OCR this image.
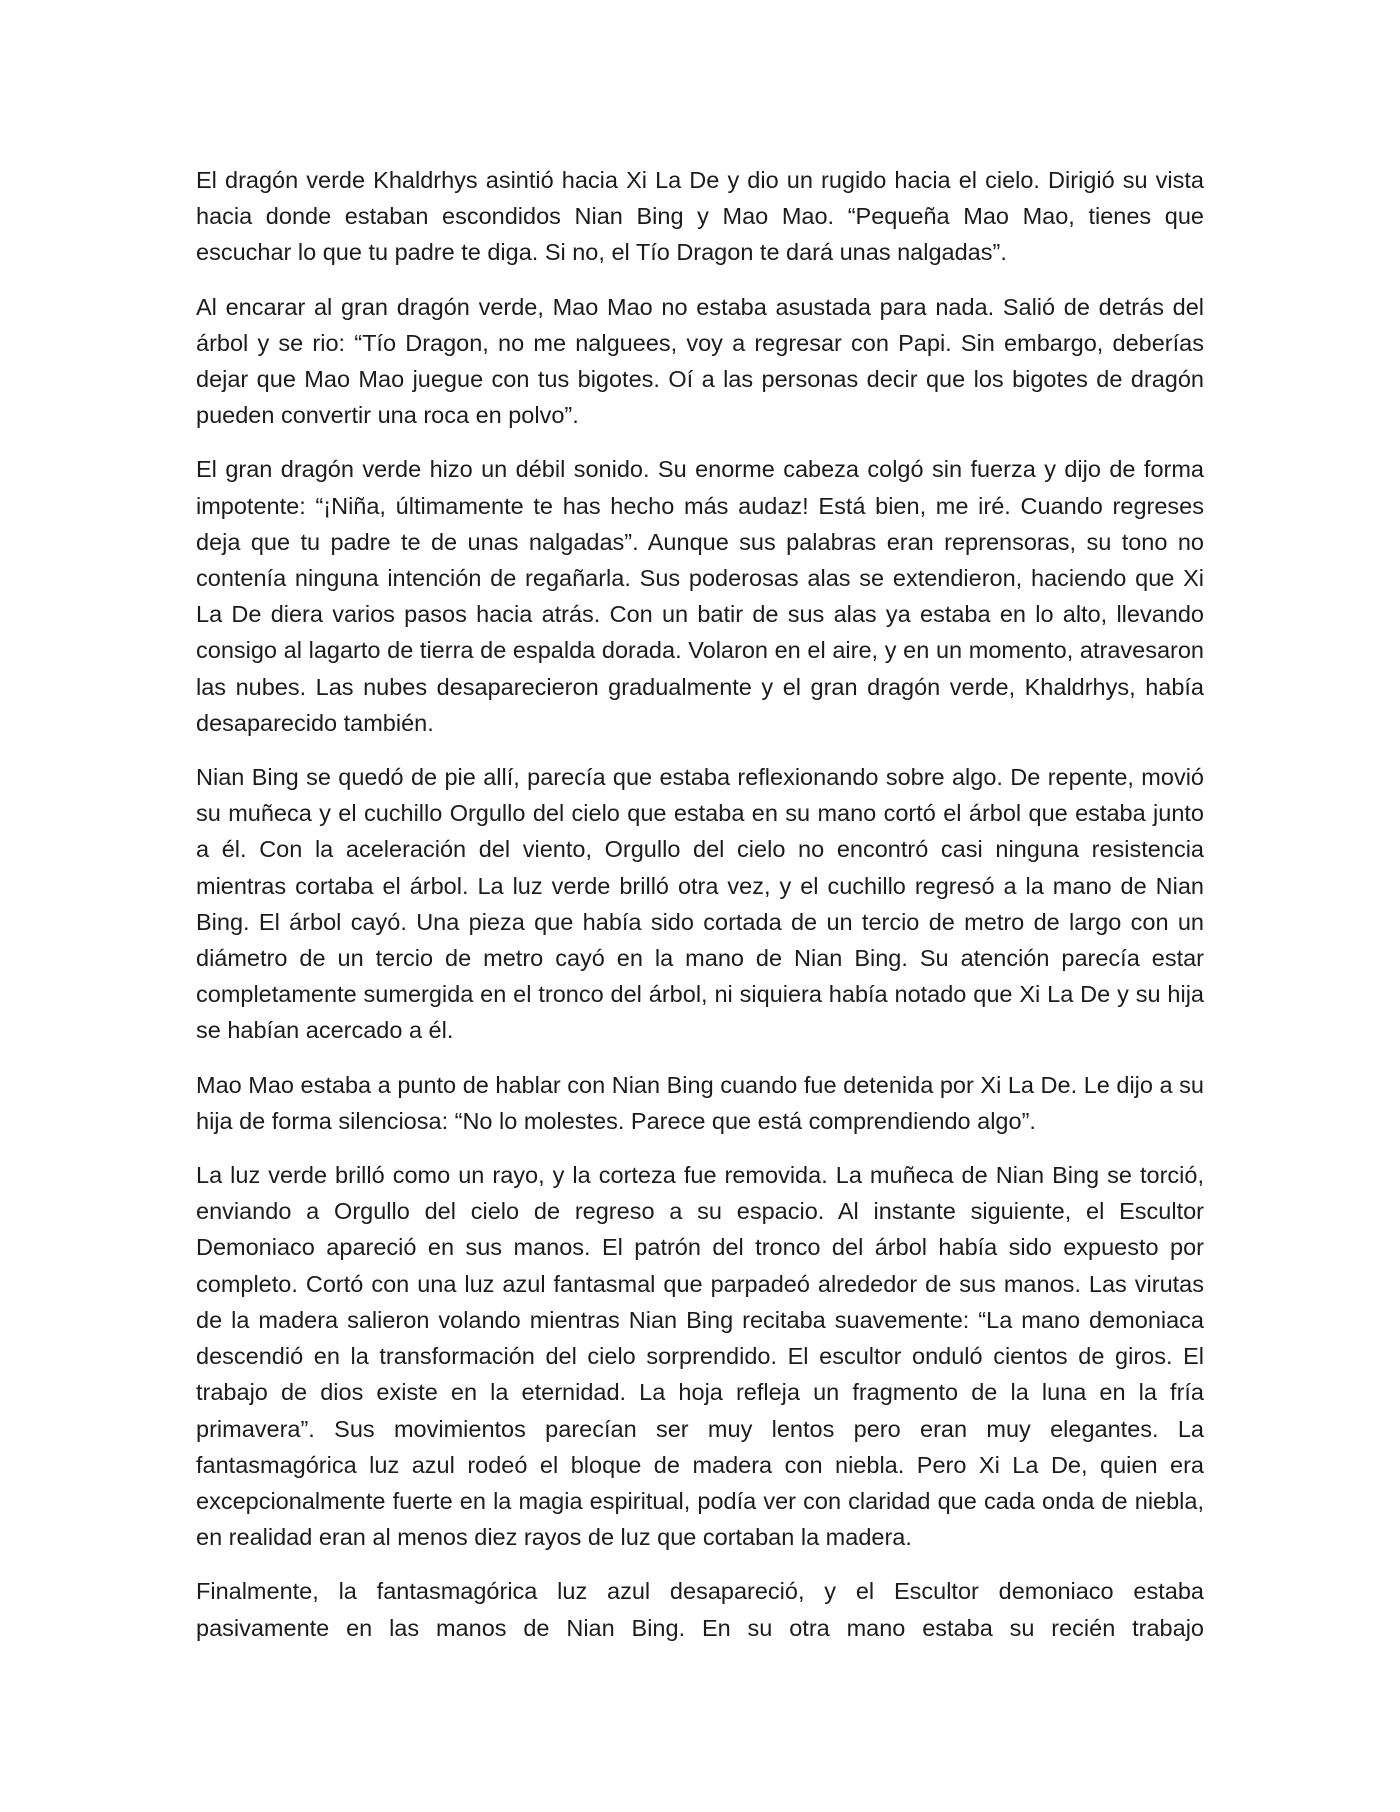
El dragón verde Khaldrhys asintió hacia Xi La De y dio un rugido hacia el cielo. Dirigió su vista hacia donde estaban escondidos Nian Bing y Mao Mao. “Pequeña Mao Mao, tienes que escuchar lo que tu padre te diga. Si no, el Tío Dragon te dará unas nalgadas”.

Al encarar al gran dragón verde, Mao Mao no estaba asustada para nada. Salió de detrás del árbol y se rio: “Tío Dragon, no me nalguees, voy a regresar con Papi. Sin embargo, deberías dejar que Mao Mao juegue con tus bigotes. Oí a las personas decir que los bigotes de dragón pueden convertir una roca en polvo”.

El gran dragón verde hizo un débil sonido. Su enorme cabeza colgó sin fuerza y dijo de forma impotente: “¡Niña, últimamente te has hecho más audaz! Está bien, me iré. Cuando regreses deja que tu padre te de unas nalgadas”. Aunque sus palabras eran reprensoras, su tono no contenía ninguna intención de regañarla. Sus poderosas alas se extendieron, haciendo que Xi La De diera varios pasos hacia atrás. Con un batir de sus alas ya estaba en lo alto, llevando consigo al lagarto de tierra de espalda dorada. Volaron en el aire, y en un momento, atravesaron las nubes. Las nubes desaparecieron gradualmente y el gran dragón verde, Khaldrhys, había desaparecido también.

Nian Bing se quedó de pie allí, parecía que estaba reflexionando sobre algo. De repente, movió su muñeca y el cuchillo Orgullo del cielo que estaba en su mano cortó el árbol que estaba junto a él. Con la aceleración del viento, Orgullo del cielo no encontró casi ninguna resistencia mientras cortaba el árbol. La luz verde brilló otra vez, y el cuchillo regresó a la mano de Nian Bing. El árbol cayó. Una pieza que había sido cortada de un tercio de metro de largo con un diámetro de un tercio de metro cayó en la mano de Nian Bing. Su atención parecía estar completamente sumergida en el tronco del árbol, ni siquiera había notado que Xi La De y su hija se habían acercado a él.

Mao Mao estaba a punto de hablar con Nian Bing cuando fue detenida por Xi La De. Le dijo a su hija de forma silenciosa: “No lo molestes. Parece que está comprendiendo algo”.

La luz verde brilló como un rayo, y la corteza fue removida. La muñeca de Nian Bing se torció, enviando a Orgullo del cielo de regreso a su espacio. Al instante siguiente, el Escultor Demoniaco apareció en sus manos. El patrón del tronco del árbol había sido expuesto por completo. Cortó con una luz azul fantasmal que parpadeó alrededor de sus manos. Las virutas de la madera salieron volando mientras Nian Bing recitaba suavemente: “La mano demoniaca descendió en la transformación del cielo sorprendido. El escultor onduló cientos de giros. El trabajo de dios existe en la eternidad. La hoja refleja un fragmento de la luna en la fría primavera”. Sus movimientos parecían ser muy lentos pero eran muy elegantes. La fantasmagórica luz azul rodeó el bloque de madera con niebla. Pero Xi La De, quien era excepcionalmente fuerte en la magia espiritual, podía ver con claridad que cada onda de niebla, en realidad eran al menos diez rayos de luz que cortaban la madera.

Finalmente, la fantasmagórica luz azul desapareció, y el Escultor demoniaco estaba pasivamente en las manos de Nian Bing. En su otra mano estaba su recién trabajo
